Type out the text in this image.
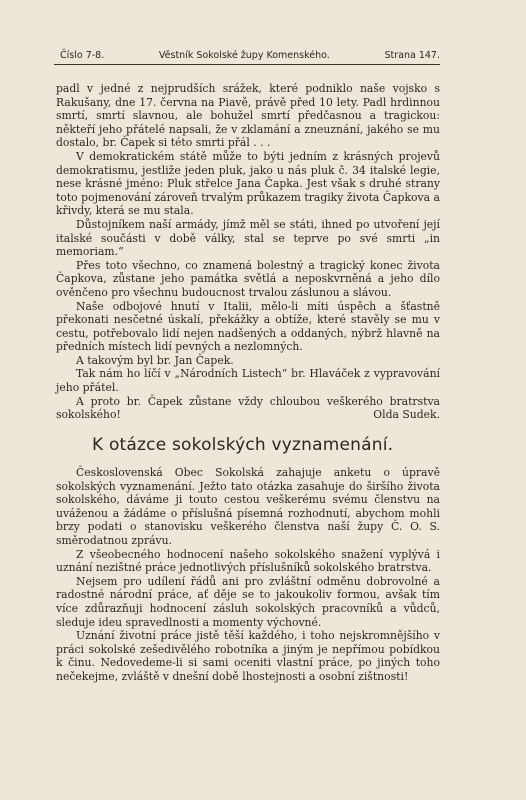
Číslo 7-8.	Věstník Sokolské župy Komenského.	Strana 147.

padl v jedné z nejprudších srážek, které podniklo naše vojsko s Rakušany, dne 17. června na Piavě, právě před 10 lety. Padl hrdinnou smrtí, smrtí slavnou, ale bohužel smrtí předčasnou a tragickou: někteří jeho přátelé napsali, že v zklamání a zneuznání, jakého se mu dostalo, br. Čapek si této smrti přál . . .

V demokratickém státě může to býti jedním z krásných projevů demokratismu, jestliže jeden pluk, jako u nás pluk č. 34 italské legie, nese krásné jméno: Pluk střelce Jana Čapka. Jest však s druhé strany toto pojmenování zároveň trvalým průkazem tragiky života Čapkova a křivdy, která se mu stala.

Důstojníkem naší armády, jímž měl se státi, ihned po utvoření její italské součásti v době války, stal se teprve po své smrti „in memoriam.“

Přes toto všechno, co znamená bolestný a tragický konec života Čapkova, zůstane jeho památka světlá a neposkvrněná a jeho dílo ověnčeno pro všechnu budoucnost trvalou záslunou a slávou.

Naše odbojové hnutí v Italii, mělo-li míti úspěch a šťastně překonati nesčetné úskalí, překážky a obtíže, které stavěly se mu v cestu, potřebovalo lidí nejen nadšených a oddaných, nýbrž hlavně na předních místech lidí pevných a nezlomných.

A takovým byl br. Jan Čapek.

Tak nám ho líčí v „Národních Listech“ br. Hlaváček z vypravování jeho přátel.

A proto br. Čapek zůstane vždy chloubou veškerého bratrstva sokolského!	Olda Sudek.

K otázce sokolských vyznamenání.

Československá Obec Sokolská zahajuje anketu o úpravě sokolských vyznamenání. Ježto tato otázka zasahuje do širšího života sokolského, dáváme ji touto cestou veškerému svému členstvu na uváženou a žádáme o příslušná písemná rozhodnutí, abychom mohli brzy podati o stanovisku veškerého členstva naší župy Č. O. S. směrodatnou zprávu.

Z všeobecného hodnocení našeho sokolského snažení vyplývá i uznání nezištné práce jednotlivých příslušníků sokolského bratrstva.

Nejsem pro udílení řádů ani pro zvláštní odměnu dobrovolné a radostné národní práce, ať děje se to jakoukoliv formou, avšak tím více zdůrazňuji hodnocení zásluh sokolských pracovníků a vůdců, sleduje ideu spravedlnosti a momenty výchovné.

Uznání životní práce jistě těší každého, i toho nejskromnějšího v práci sokolské zešedivělého robotníka a jiným je nepřímou pobídkou k činu. Nedovedeme-li si sami oceniti vlastní práce, po jiných toho nečekejme, zvláště v dnešní době lhostejnosti a osobní zištnosti!
